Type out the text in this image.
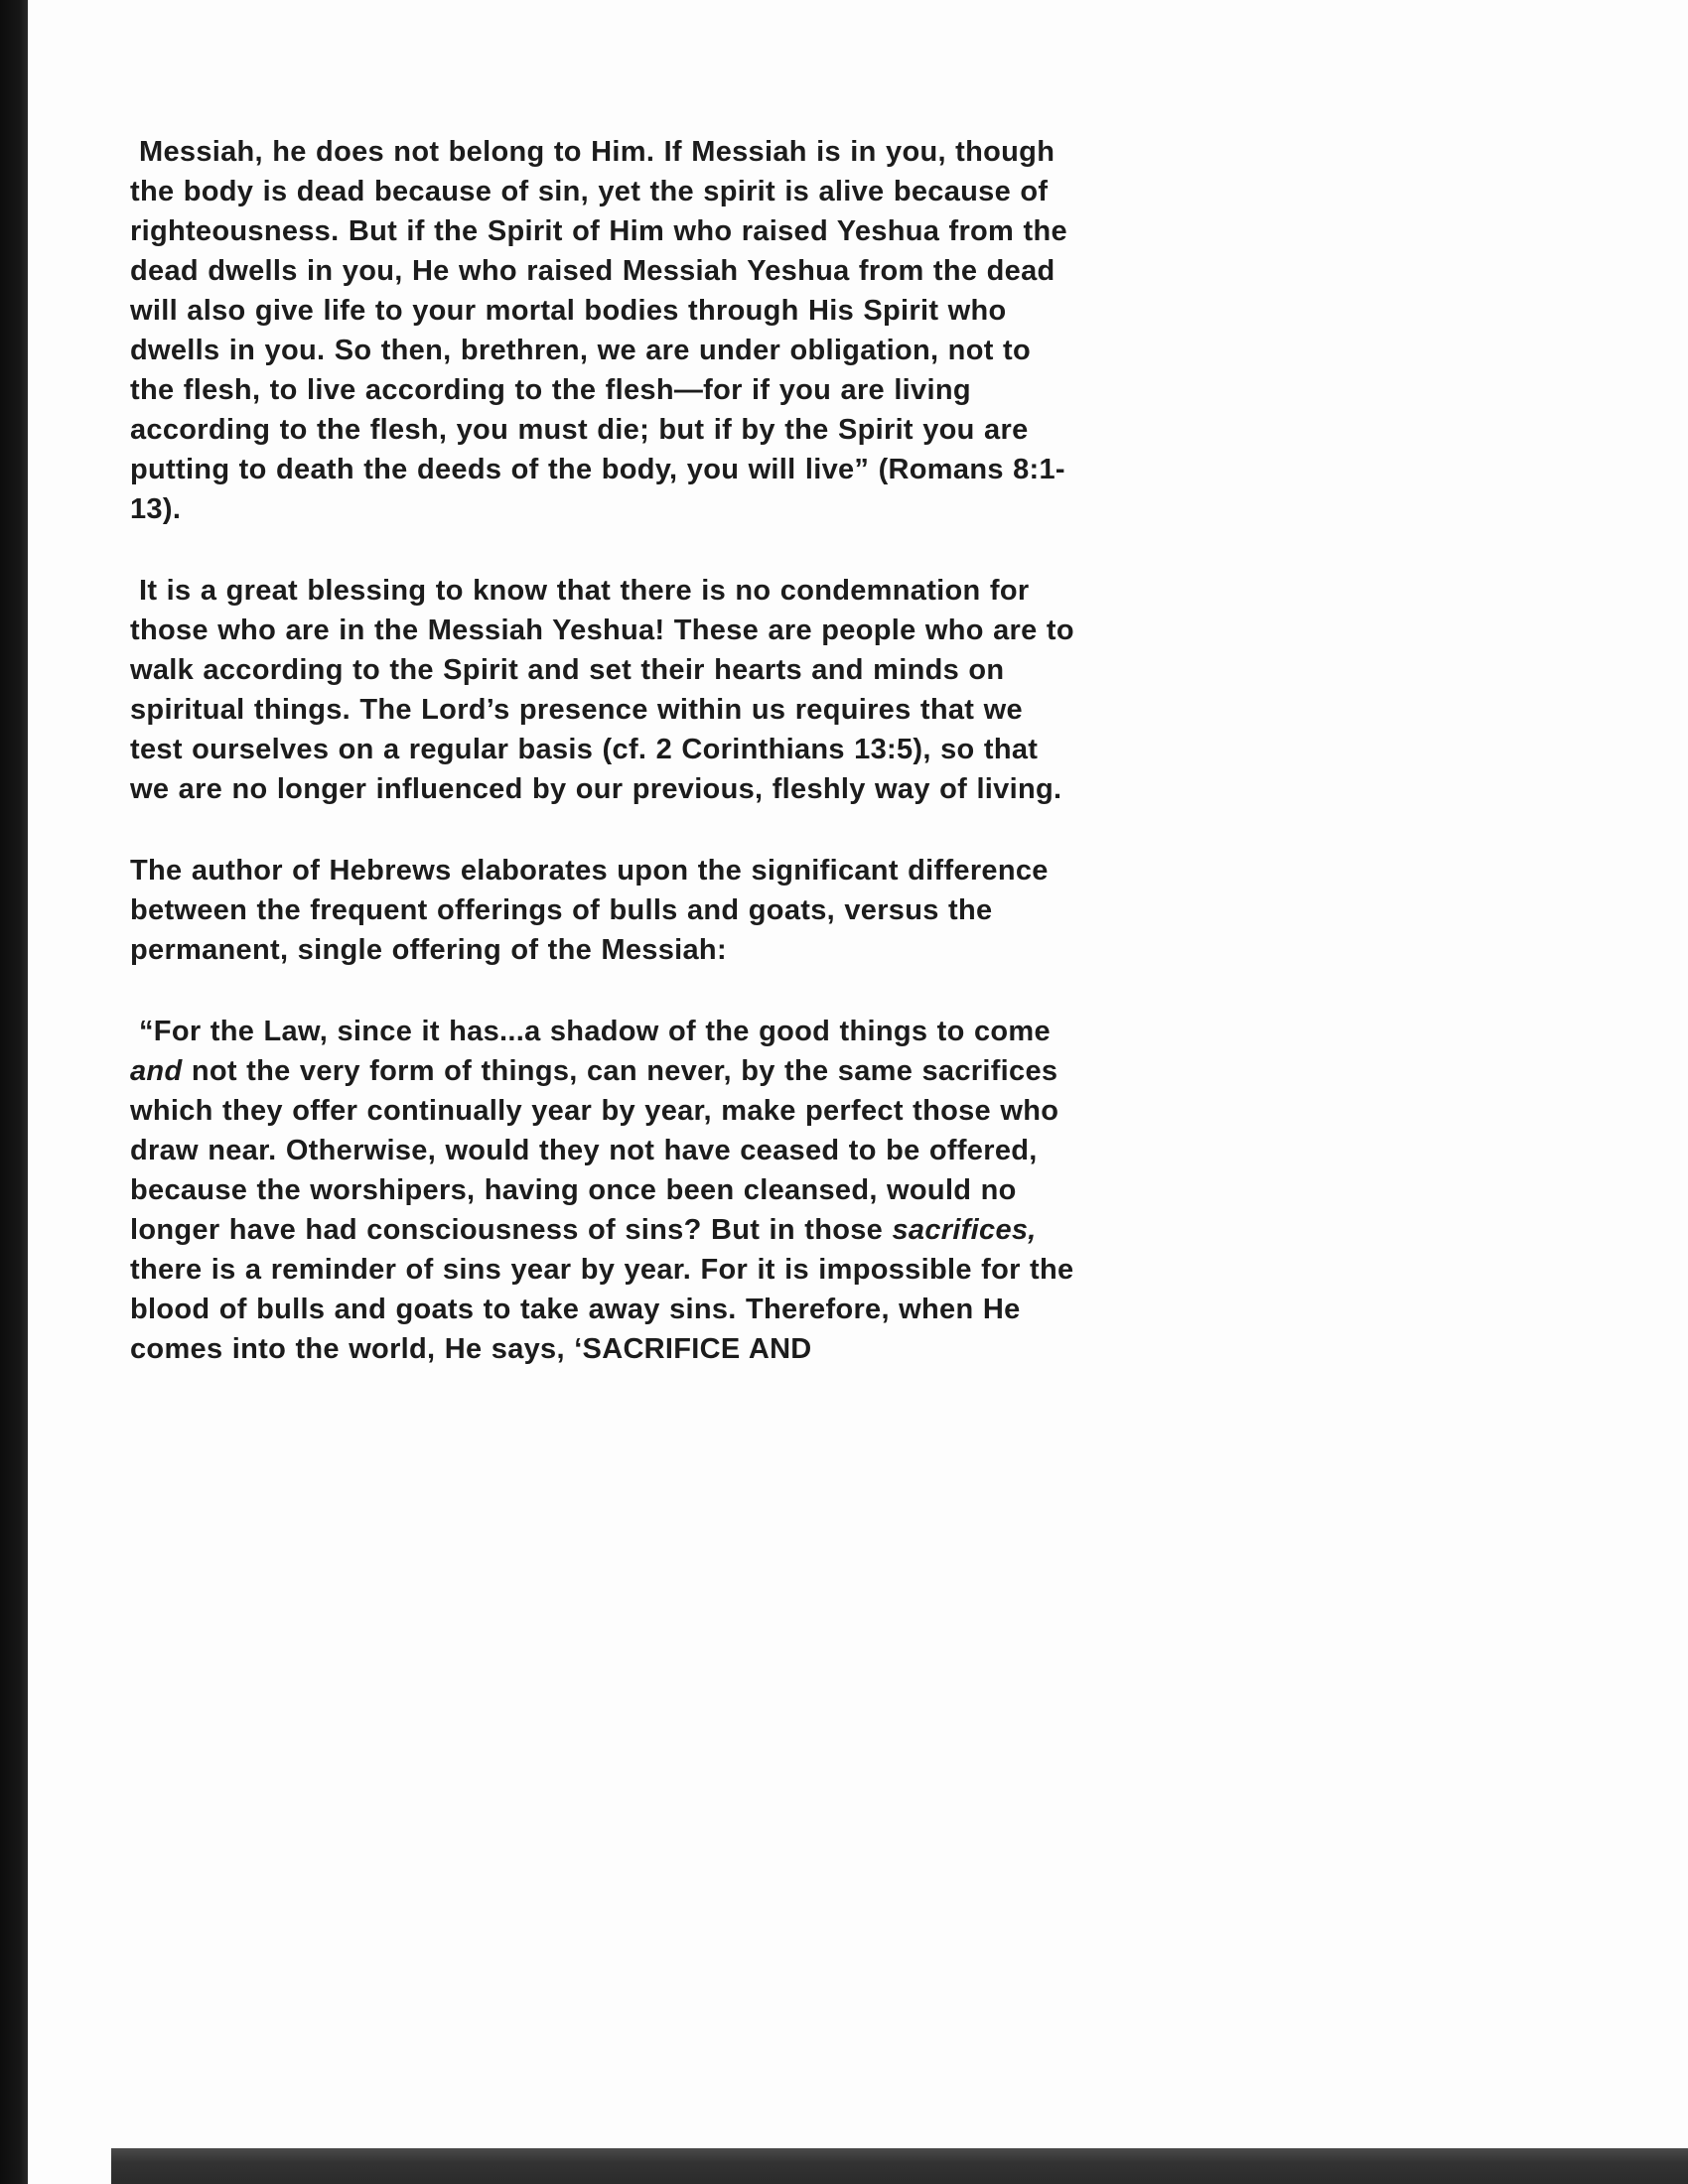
Messiah, he does not belong to Him. If Messiah is in you, though the body is dead because of sin, yet the spirit is alive because of righteousness. But if the Spirit of Him who raised Yeshua from the dead dwells in you, He who raised Messiah Yeshua from the dead will also give life to your mortal bodies through His Spirit who dwells in you. So then, brethren, we are under obligation, not to the flesh, to live according to the flesh—for if you are living according to the flesh, you must die; but if by the Spirit you are putting to death the deeds of the body, you will live” (Romans 8:1-13).

It is a great blessing to know that there is no condemnation for those who are in the Messiah Yeshua! These are people who are to walk according to the Spirit and set their hearts and minds on spiritual things. The Lord’s presence within us requires that we test ourselves on a regular basis (cf. 2 Corinthians 13:5), so that we are no longer influenced by our previous, fleshly way of living.

The author of Hebrews elaborates upon the significant difference between the frequent offerings of bulls and goats, versus the permanent, single offering of the Messiah:

“For the Law, since it has...a shadow of the good things to come and not the very form of things, can never, by the same sacrifices which they offer continually year by year, make perfect those who draw near. Otherwise, would they not have ceased to be offered, because the worshipers, having once been cleansed, would no longer have had consciousness of sins? But in those sacrifices, there is a reminder of sins year by year. For it is impossible for the blood of bulls and goats to take away sins. Therefore, when He comes into the world, He says, ‘SACRIFICE AND
